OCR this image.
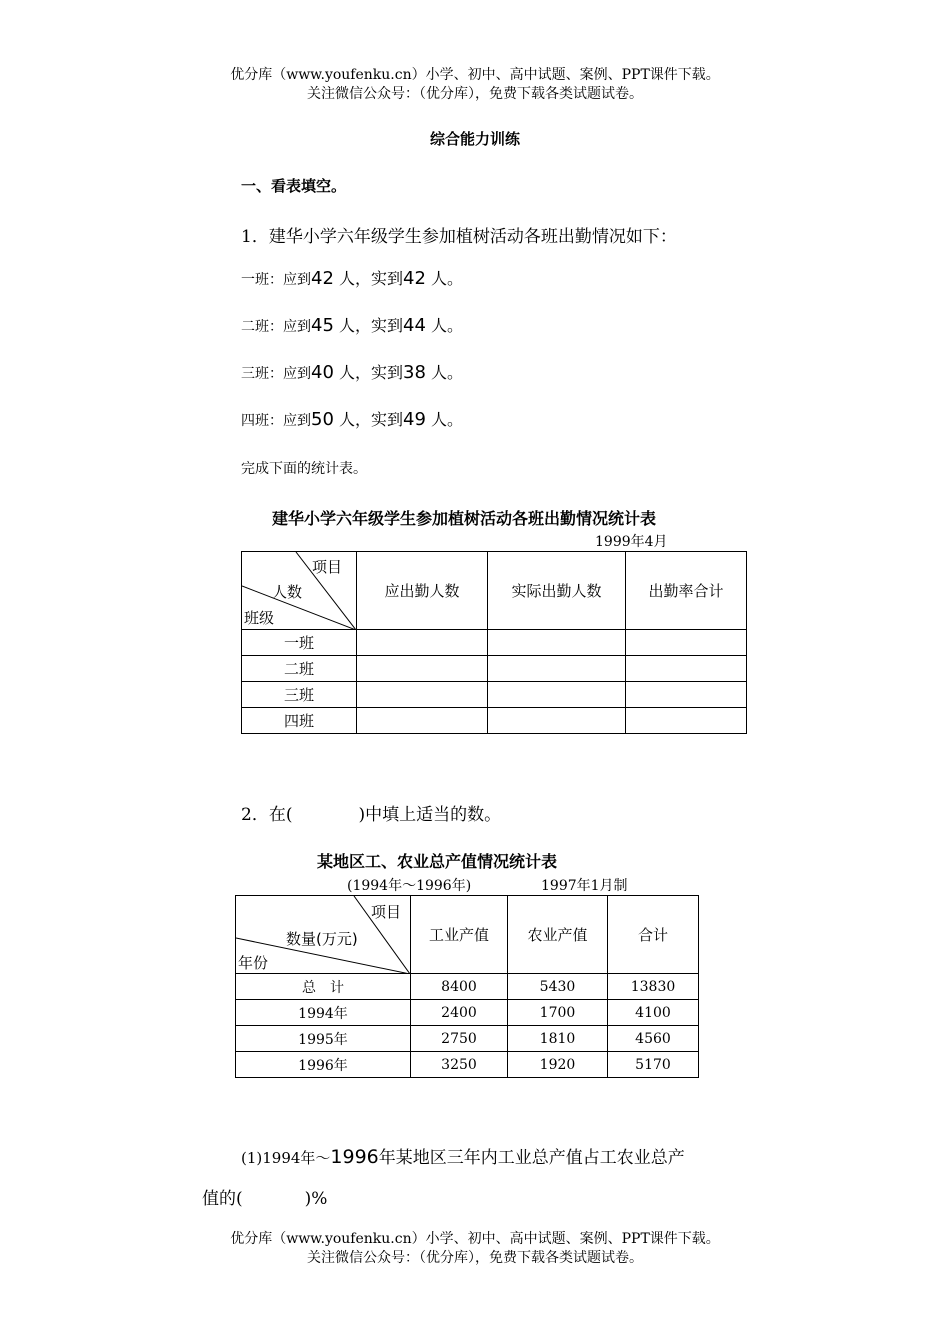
优分库（www.youfenku.cn）小学、初中、高中试题、案例、PPT课件下载。
关注微信公众号：（优分库），免费下载各类试题试卷。
综合能力训练
一、看表填空。
1．建华小学六年级学生参加植树活动各班出勤情况如下：
一班：应到42 人，实到42 人。
二班：应到45 人，实到44 人。
三班：应到40 人，实到38 人。
四班：应到50 人，实到49 人。
完成下面的统计表。
建华小学六年级学生参加植树活动各班出勤情况统计表
1999年4月
项目
人数
班级	应出勤人数	实际出勤人数	出勤率合计
一班			
二班			
三班			
四班			
2．在(	)中填上适当的数。
某地区工、农业总产值情况统计表
(1994年～1996年)	1997年1月制
项目
数量(万元)
年份	工业产值	农业产值	合计
总　计	8400	5430	13830
1994年	2400	1700	4100
1995年	2750	1810	4560
1996年	3250	1920	5170
(1)1994年～1996年某地区三年内工业总产值占工农业总产
值的(	)%
优分库（www.youfenku.cn）小学、初中、高中试题、案例、PPT课件下载。
关注微信公众号：（优分库），免费下载各类试题试卷。
